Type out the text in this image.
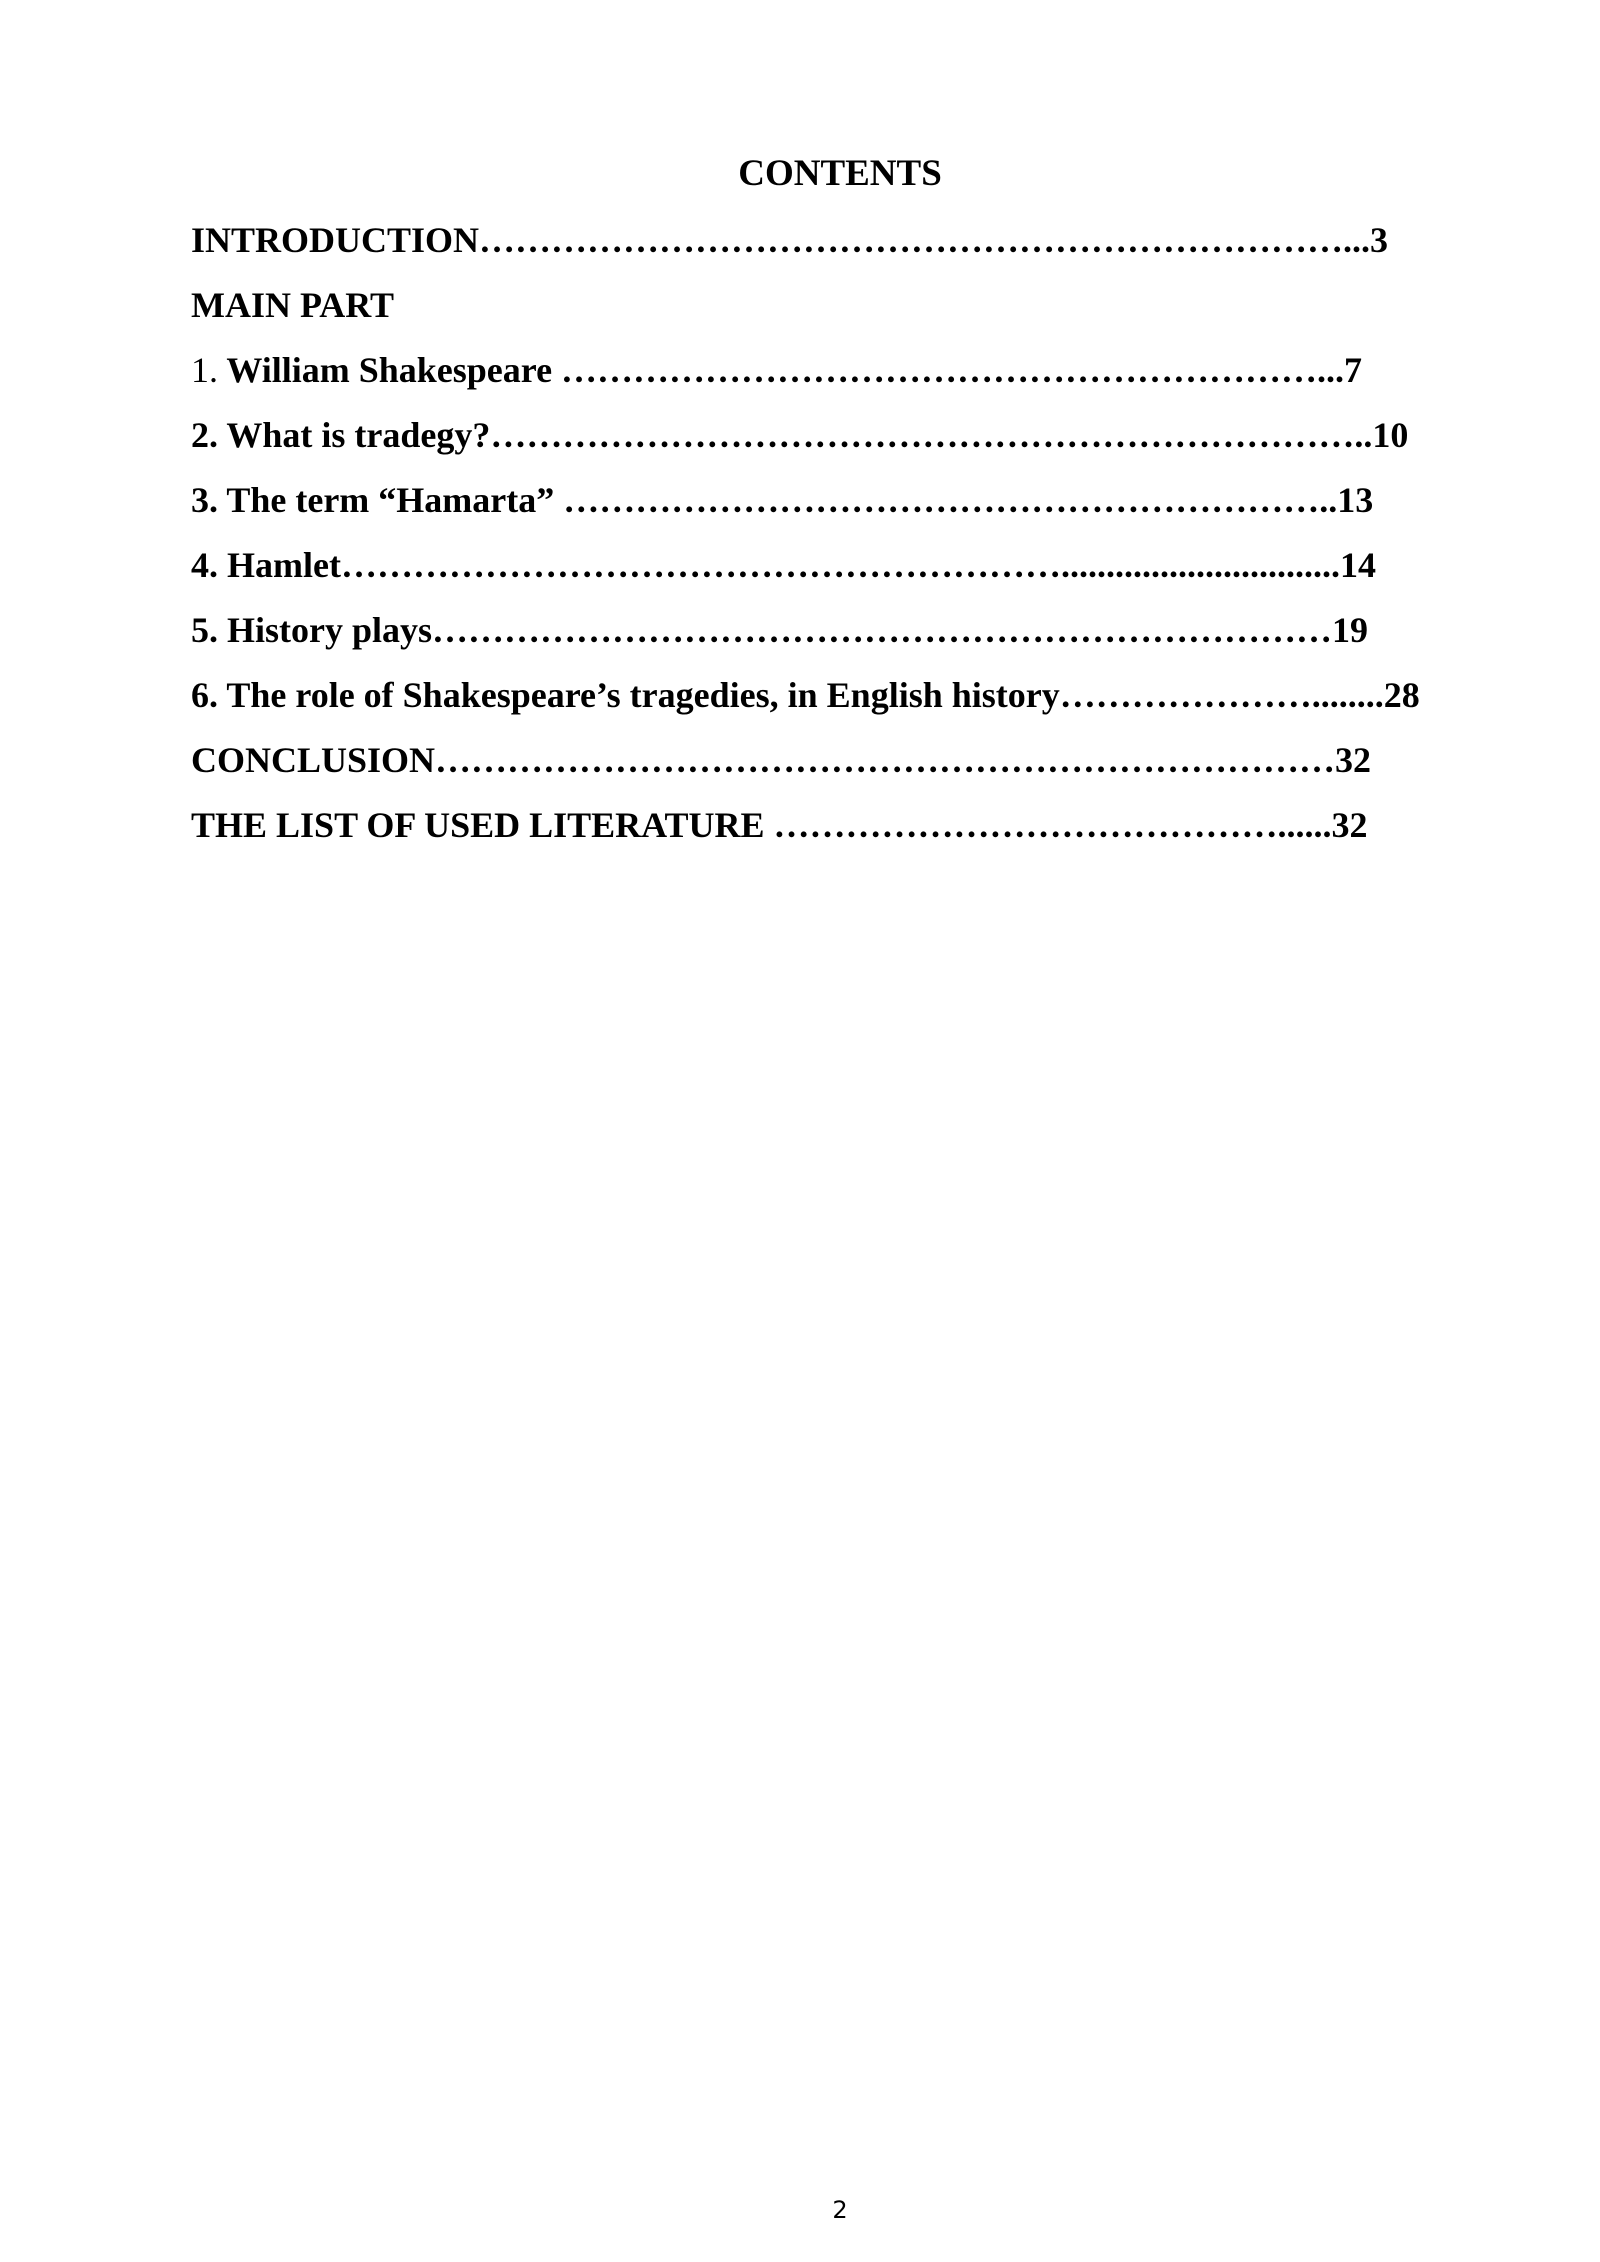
CONTENTS
INTRODUCTION………………………………………………………………...3
MAIN PART
1. William Shakespeare ………………………………………………………...7
2. What is tradegy?………………………………………………………………..10
3. The term “Hamarta” ………………………………………………………..13
4. Hamlet……………………………………………………...............................14
5. History plays…………………………………………………………………19
6. The role of Shakespeare’s tragedies, in English history…………………........28
CONCLUSION…………………………………………………………………32
THE LIST OF USED LITERATURE ……………………………………......32
2
